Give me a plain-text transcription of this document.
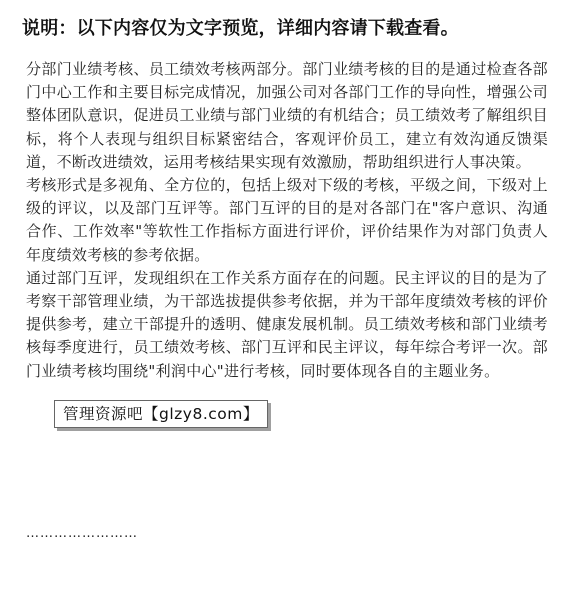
说明：以下内容仅为文字预览，详细内容请下载查看。

分部门业绩考核、员工绩效考核两部分。部门业绩考核的目的是通过检查各部门中心工作和主要目标完成情况，加强公司对各部门工作的导向性，增强公司整体团队意识，促进员工业绩与部门业绩的有机结合；员工绩效考了解组织目标，将个人表现与组织目标紧密结合，客观评价员工，建立有效沟通反馈渠道，不断改进绩效，运用考核结果实现有效激励，帮助组织进行人事决策。

考核形式是多视角、全方位的，包括上级对下级的考核，平级之间，下级对上级的评议，以及部门互评等。部门互评的目的是对各部门在"客户意识、沟通合作、工作效率"等软性工作指标方面进行评价，评价结果作为对部门负责人年度绩效考核的参考依据。

通过部门互评，发现组织在工作关系方面存在的问题。民主评议的目的是为了考察干部管理业绩，为干部选拔提供参考依据，并为干部年度绩效考核的评价提供参考，建立干部提升的透明、健康发展机制。员工绩效考核和部门业绩考核每季度进行，员工绩效考核、部门互评和民主评议，每年综合考评一次。部门业绩考核均围绕"利润中心"进行考核，同时要体现各自的主题业务。

……………………
管理资源吧【glzy8.com】
